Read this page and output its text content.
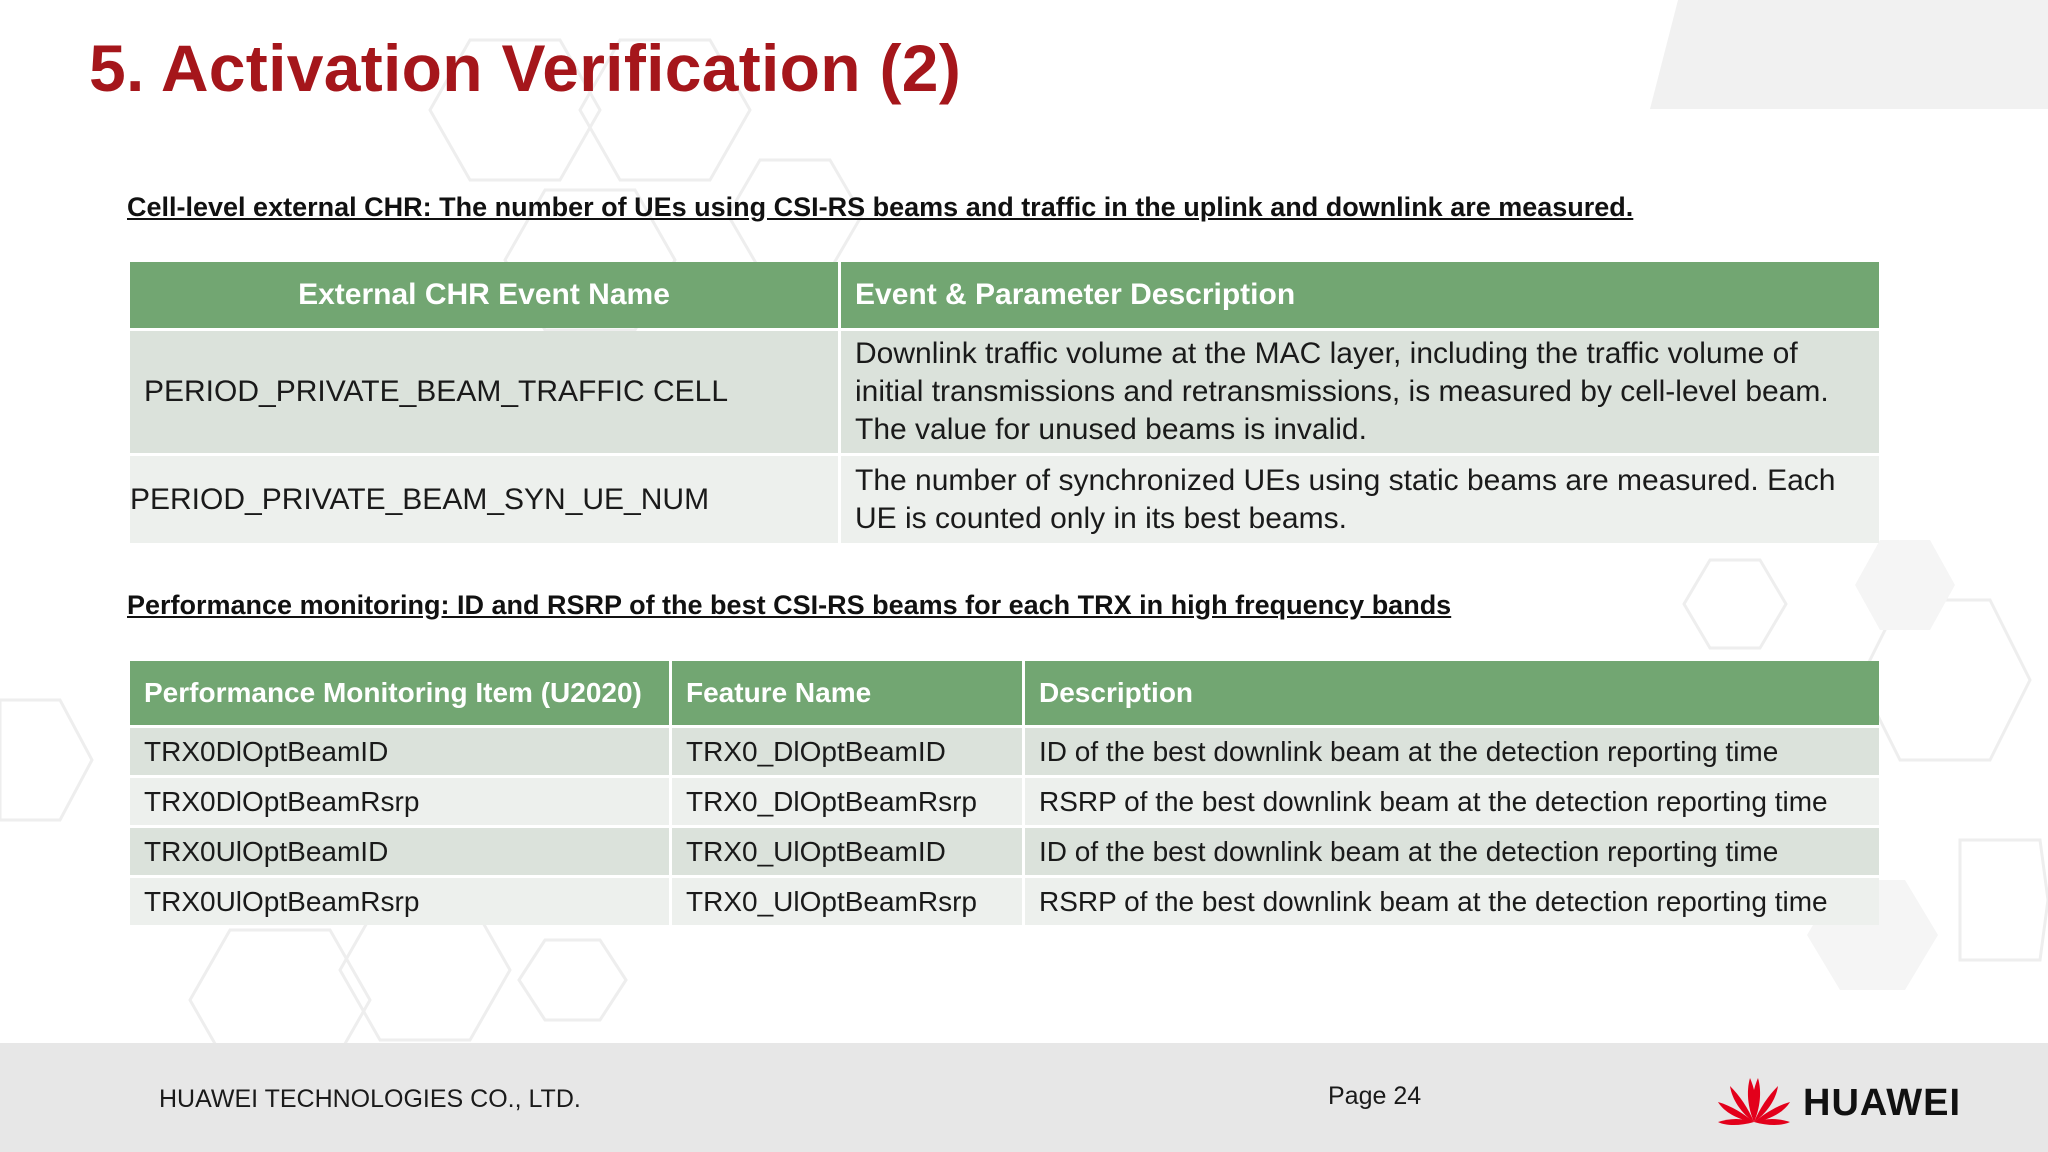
5. Activation Verification (2)

Cell-level external CHR: The number of UEs using CSI-RS beams and traffic in the uplink and downlink are measured.

External CHR Event Name	Event & Parameter Description
PERIOD_PRIVATE_BEAM_TRAFFIC CELL	Downlink traffic volume at the MAC layer, including the traffic volume of initial transmissions and retransmissions, is measured by cell-level beam. The value for unused beams is invalid.
PERIOD_PRIVATE_BEAM_SYN_UE_NUM	The number of synchronized UEs using static beams are measured. Each UE is counted only in its best beams.

Performance monitoring: ID and RSRP of the best CSI-RS beams for each TRX in high frequency bands

Performance Monitoring Item (U2020)	Feature Name	Description
TRX0DlOptBeamID	TRX0_DlOptBeamID	ID of the best downlink beam at the detection reporting time
TRX0DlOptBeamRsrp	TRX0_DlOptBeamRsrp	RSRP of the best downlink beam at the detection reporting time
TRX0UlOptBeamID	TRX0_UlOptBeamID	ID of the best downlink beam at the detection reporting time
TRX0UlOptBeamRsrp	TRX0_UlOptBeamRsrp	RSRP of the best downlink beam at the detection reporting time
HUAWEI TECHNOLOGIES CO., LTD.	Page 24	HUAWEI
